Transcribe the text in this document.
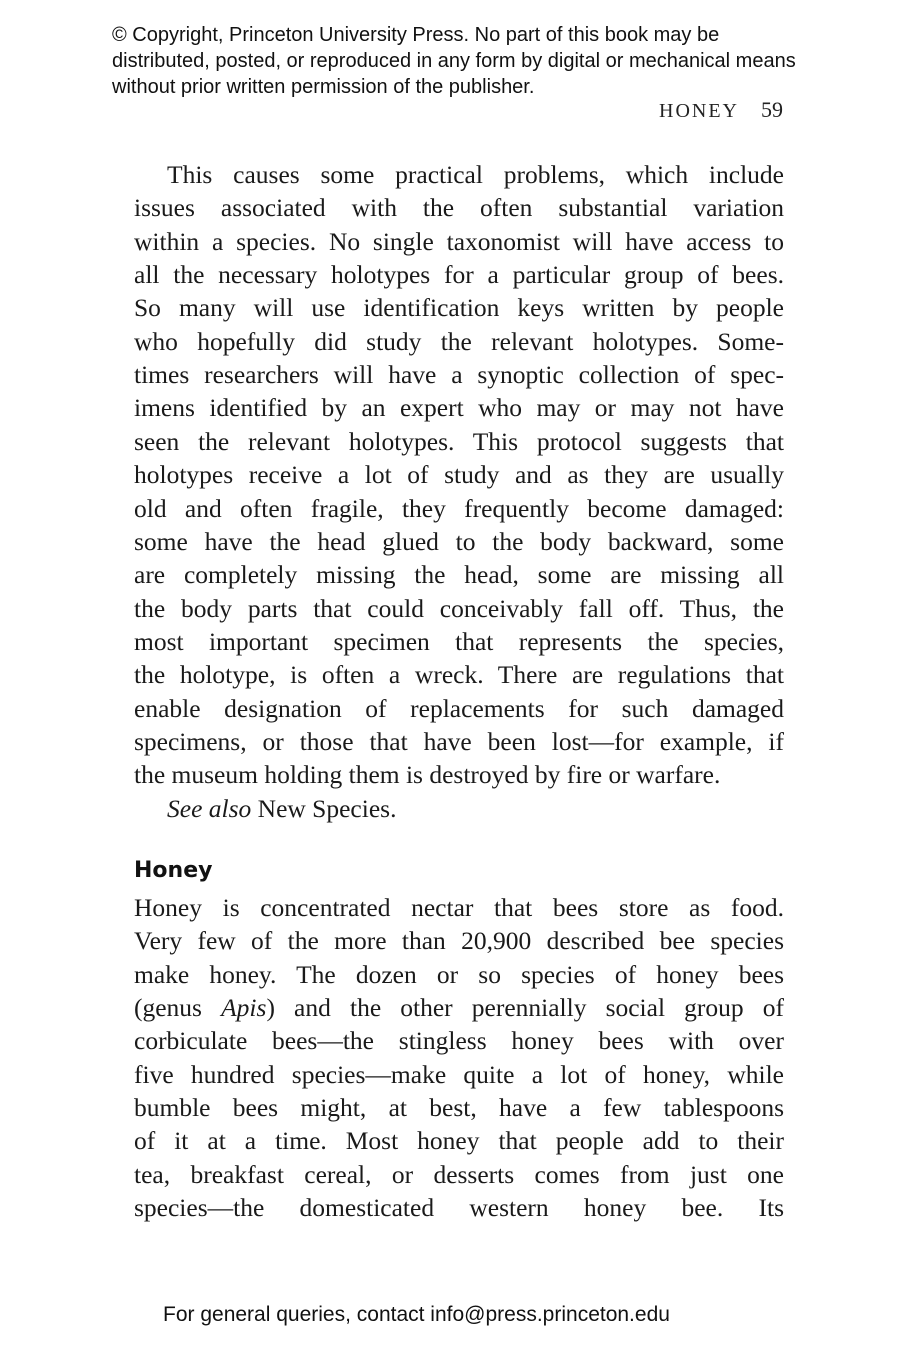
© Copyright, Princeton University Press. No part of this book may be distributed, posted, or reproduced in any form by digital or mechanical means without prior written permission of the publisher.
HONEY 59
This causes some practical problems, which include
issues associated with the often substantial variation
within a species. No single taxonomist will have access to
all the necessary holotypes for a particular group of bees.
So many will use identification keys written by people
who hopefully did study the relevant holotypes. Some-
times researchers will have a synoptic collection of spec-
imens identified by an expert who may or may not have
seen the relevant holotypes. This protocol suggests that
holotypes receive a lot of study and as they are usually
old and often fragile, they frequently become damaged:
some have the head glued to the body backward, some
are completely missing the head, some are missing all
the body parts that could conceivably fall off. Thus, the
most important specimen that represents the species,
the holotype, is often a wreck. There are regulations that
enable designation of replacements for such damaged
specimens, or those that have been lost—for example, if
the museum holding them is destroyed by fire or warfare.
See also New Species.
Honey is concentrated nectar that bees store as food.
Very few of the more than 20,900 described bee species
make honey. The dozen or so species of honey bees
(genus Apis) and the other perennially social group of
corbiculate bees—the stingless honey bees with over
five hundred species—make quite a lot of honey, while
bumble bees might, at best, have a few tablespoons
of it at a time. Most honey that people add to their
tea, breakfast cereal, or desserts comes from just one
species—the domesticated western honey bee. Its
Honey
For general queries, contact info@press.princeton.edu
